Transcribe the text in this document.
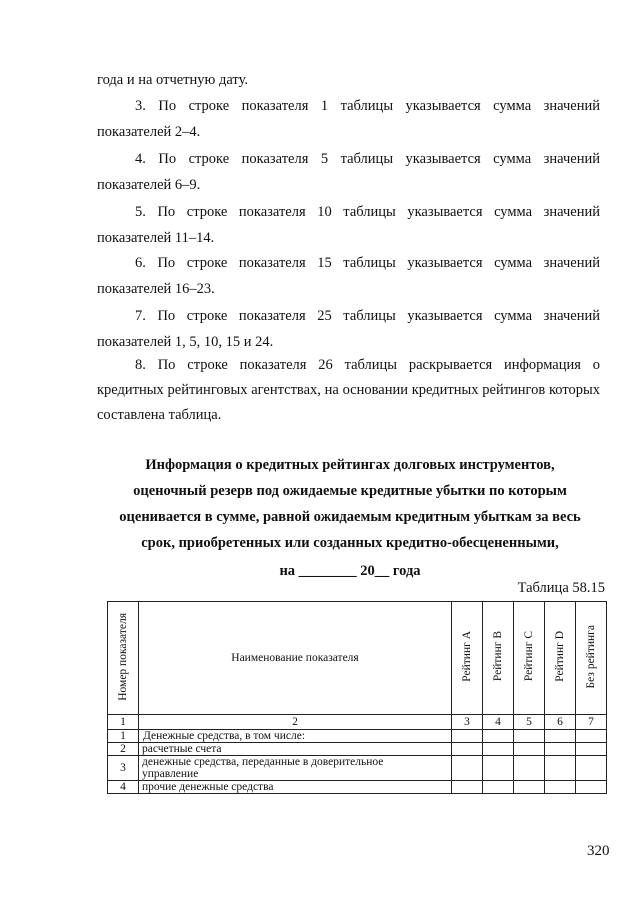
года и на отчетную дату.
3. По строке показателя 1 таблицы указывается сумма значений
показателей 2–4.
4. По строке показателя 5 таблицы указывается сумма значений
показателей 6–9.
5. По строке показателя 10 таблицы указывается сумма значений
показателей 11–14.
6. По строке показателя 15 таблицы указывается сумма значений
показателей 16–23.
7. По строке показателя 25 таблицы указывается сумма значений
показателей 1, 5, 10, 15 и 24.
8. По строке показателя 26 таблицы раскрывается информация о
кредитных рейтинговых агентствах, на основании кредитных рейтингов которых составлена таблица.
Информация о кредитных рейтингах долговых инструментов,
оценочный резерв под ожидаемые кредитные убытки по которым
оценивается в сумме, равной ожидаемым кредитным убыткам за весь
срок, приобретенных или созданных кредитно-обесцененными,
на ________ 20__ года
Таблица 58.15
Номер показателя	Наименование показателя	Рейтинг A	Рейтинг B	Рейтинг C	Рейтинг D	Без рейтинга
1	2	3	4	5	6	7
1	Денежные средства, в том числе:					
2	расчетные счета					
3	денежные средства, переданные в доверительное управление					
4	прочие денежные средства					
320
